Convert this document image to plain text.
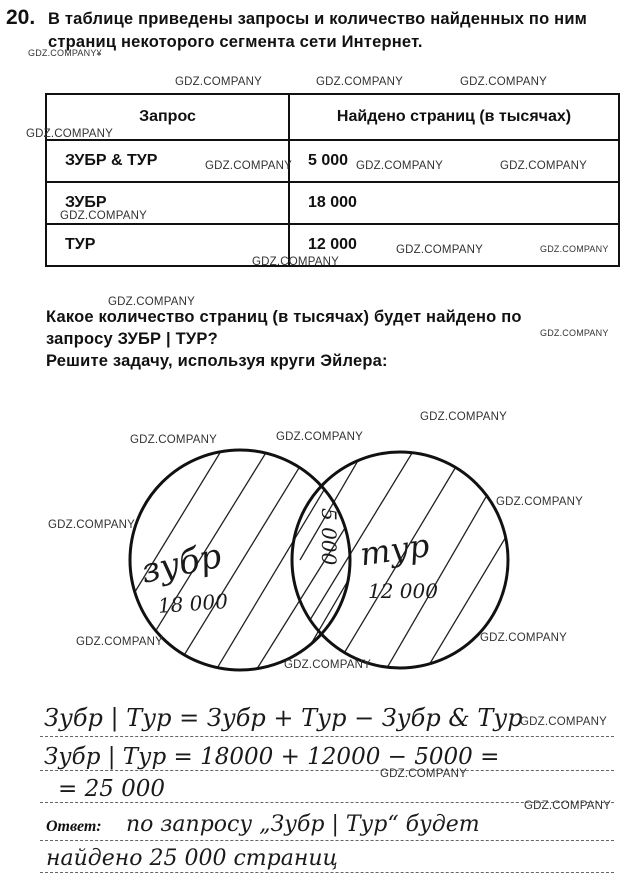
20. В таблице приведены запросы и количество найденных по ним страниц некоторого сегмента сети Интернет.
Запрос	Найдено страниц (в тысячах)
ЗУБР & ТУР	5 000
ЗУБР	18 000
ТУР	12 000
Какое количество страниц (в тысячах) будет найдено по
запросу ЗУБР | ТУР?
Решите задачу, используя круги Эйлера:
зубр
18 000
тур
12 000
5 000
Зубр | Тур = Зубр + Тур − Зубр & Тур
Зубр | Тур = 18000 + 12000 − 5000 =
= 25 000
Ответ: по запросу „Зубр | Тур“ будет
найдено 25 000 страниц
GDZ.COMPANY¥
GDZ.COMPANY	GDZ.COMPANY	GDZ.COMPANY
GDZ.COMPANY
GDZ.COMPANY	GDZ.COMPANY	GDZ.COMPANY
GDZ.COMPANY
GDZ.COMPANY	GDZ.COMPANY
GDZ.COMPANY
GDZ.COMPANY
GDZ.COMPANY
GDZ.COMPANY
GDZ.COMPANY	GDZ.COMPANY
GDZ.COMPANY
GDZ.COMPANY
GDZ.COMPANY
GDZ.COMPANY
GDZ.COMPANY
GDZ.COMPANY
GDZ.COMPANY
GDZ.COMPANY
